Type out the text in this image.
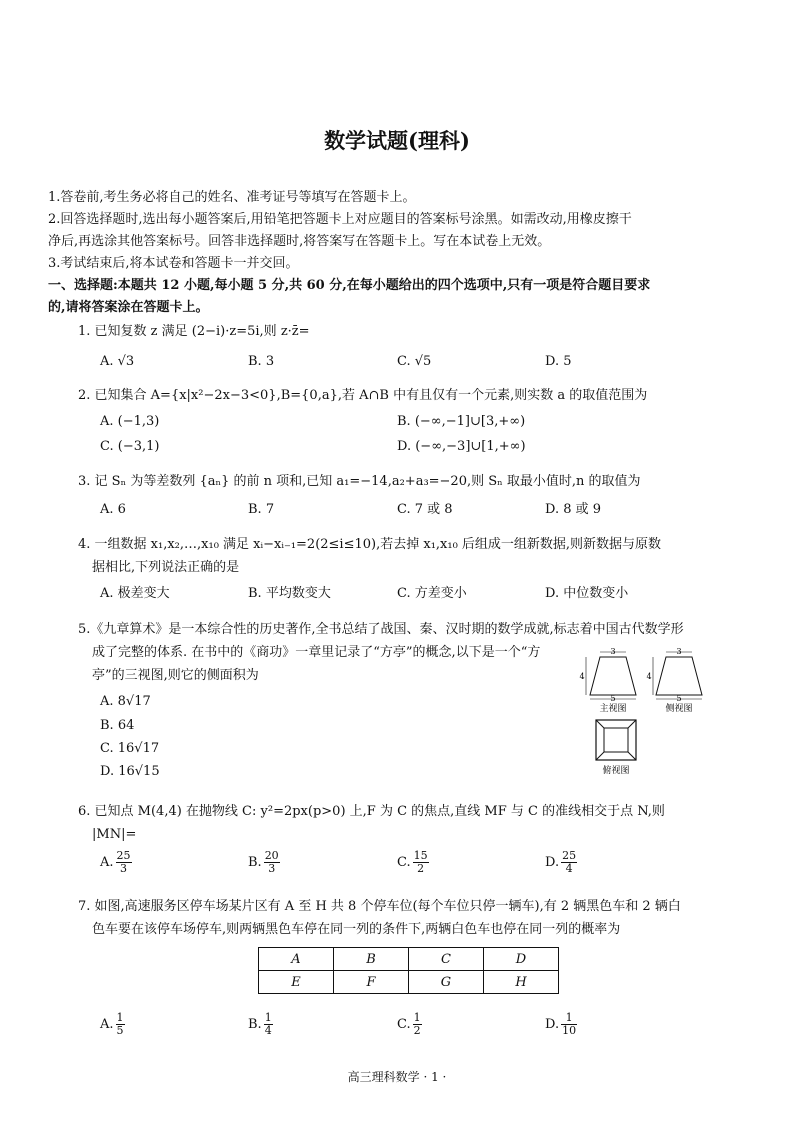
数学试题(理科)
1.答卷前,考生务必将自己的姓名、准考证号等填写在答题卡上。
2.回答选择题时,选出每小题答案后,用铅笔把答题卡上对应题目的答案标号涂黑。如需改动,用橡皮擦干
净后,再选涂其他答案标号。回答非选择题时,将答案写在答题卡上。写在本试卷上无效。
3.考试结束后,将本试卷和答题卡一并交回。
一、选择题:本题共 12 小题,每小题 5 分,共 60 分,在每小题给出的四个选项中,只有一项是符合题目要求
的,请将答案涂在答题卡上。
1. 已知复数 z 满足 (2−i)·z=5i,则 z·z̄=
A. √3	B. 3	C. √5	D. 5
2. 已知集合 A={x|x²−2x−3<0},B={0,a},若 A∩B 中有且仅有一个元素,则实数 a 的取值范围为
A. (−1,3)	B. (−∞,−1]∪[3,+∞)
C. (−3,1)	D. (−∞,−3]∪[1,+∞)
3. 记 Sₙ 为等差数列 {aₙ} 的前 n 项和,已知 a₁=−14,a₂+a₃=−20,则 Sₙ 取最小值时,n 的取值为
A. 6	B. 7	C. 7 或 8	D. 8 或 9
4. 一组数据 x₁,x₂,…,x₁₀ 满足 xᵢ−xᵢ₋₁=2(2≤i≤10),若去掉 x₁,x₁₀ 后组成一组新数据,则新数据与原数
据相比,下列说法正确的是
A. 极差变大	B. 平均数变大	C. 方差变小	D. 中位数变小
5.《九章算术》是一本综合性的历史著作,全书总结了战国、秦、汉时期的数学成就,标志着中国古代数学形
成了完整的体系. 在书中的《商功》一章里记录了“方亭”的概念,以下是一个“方
亭”的三视图,则它的侧面积为
A. 8√17
B. 64
C. 16√17
D. 16√15
3
4
5
主视图
3
4
5
侧视图
俯视图
6. 已知点 M(4,4) 在抛物线 C: y²=2px(p>0) 上,F 为 C 的焦点,直线 MF 与 C 的准线相交于点 N,则
|MN|=
A. $\frac{25}{3}$	B. $\frac{20}{3}$	C. $\frac{15}{2}$	D. $\frac{25}{4}$
7. 如图,高速服务区停车场某片区有 A 至 H 共 8 个停车位(每个车位只停一辆车),有 2 辆黑色车和 2 辆白
色车要在该停车场停车,则两辆黑色车停在同一列的条件下,两辆白色车也停在同一列的概率为
A	B	C	D
E	F	G	H
A. $\frac{1}{5}$	B. $\frac{1}{4}$	C. $\frac{1}{2}$	D. $\frac{1}{10}$
高三理科数学 · 1 ·
